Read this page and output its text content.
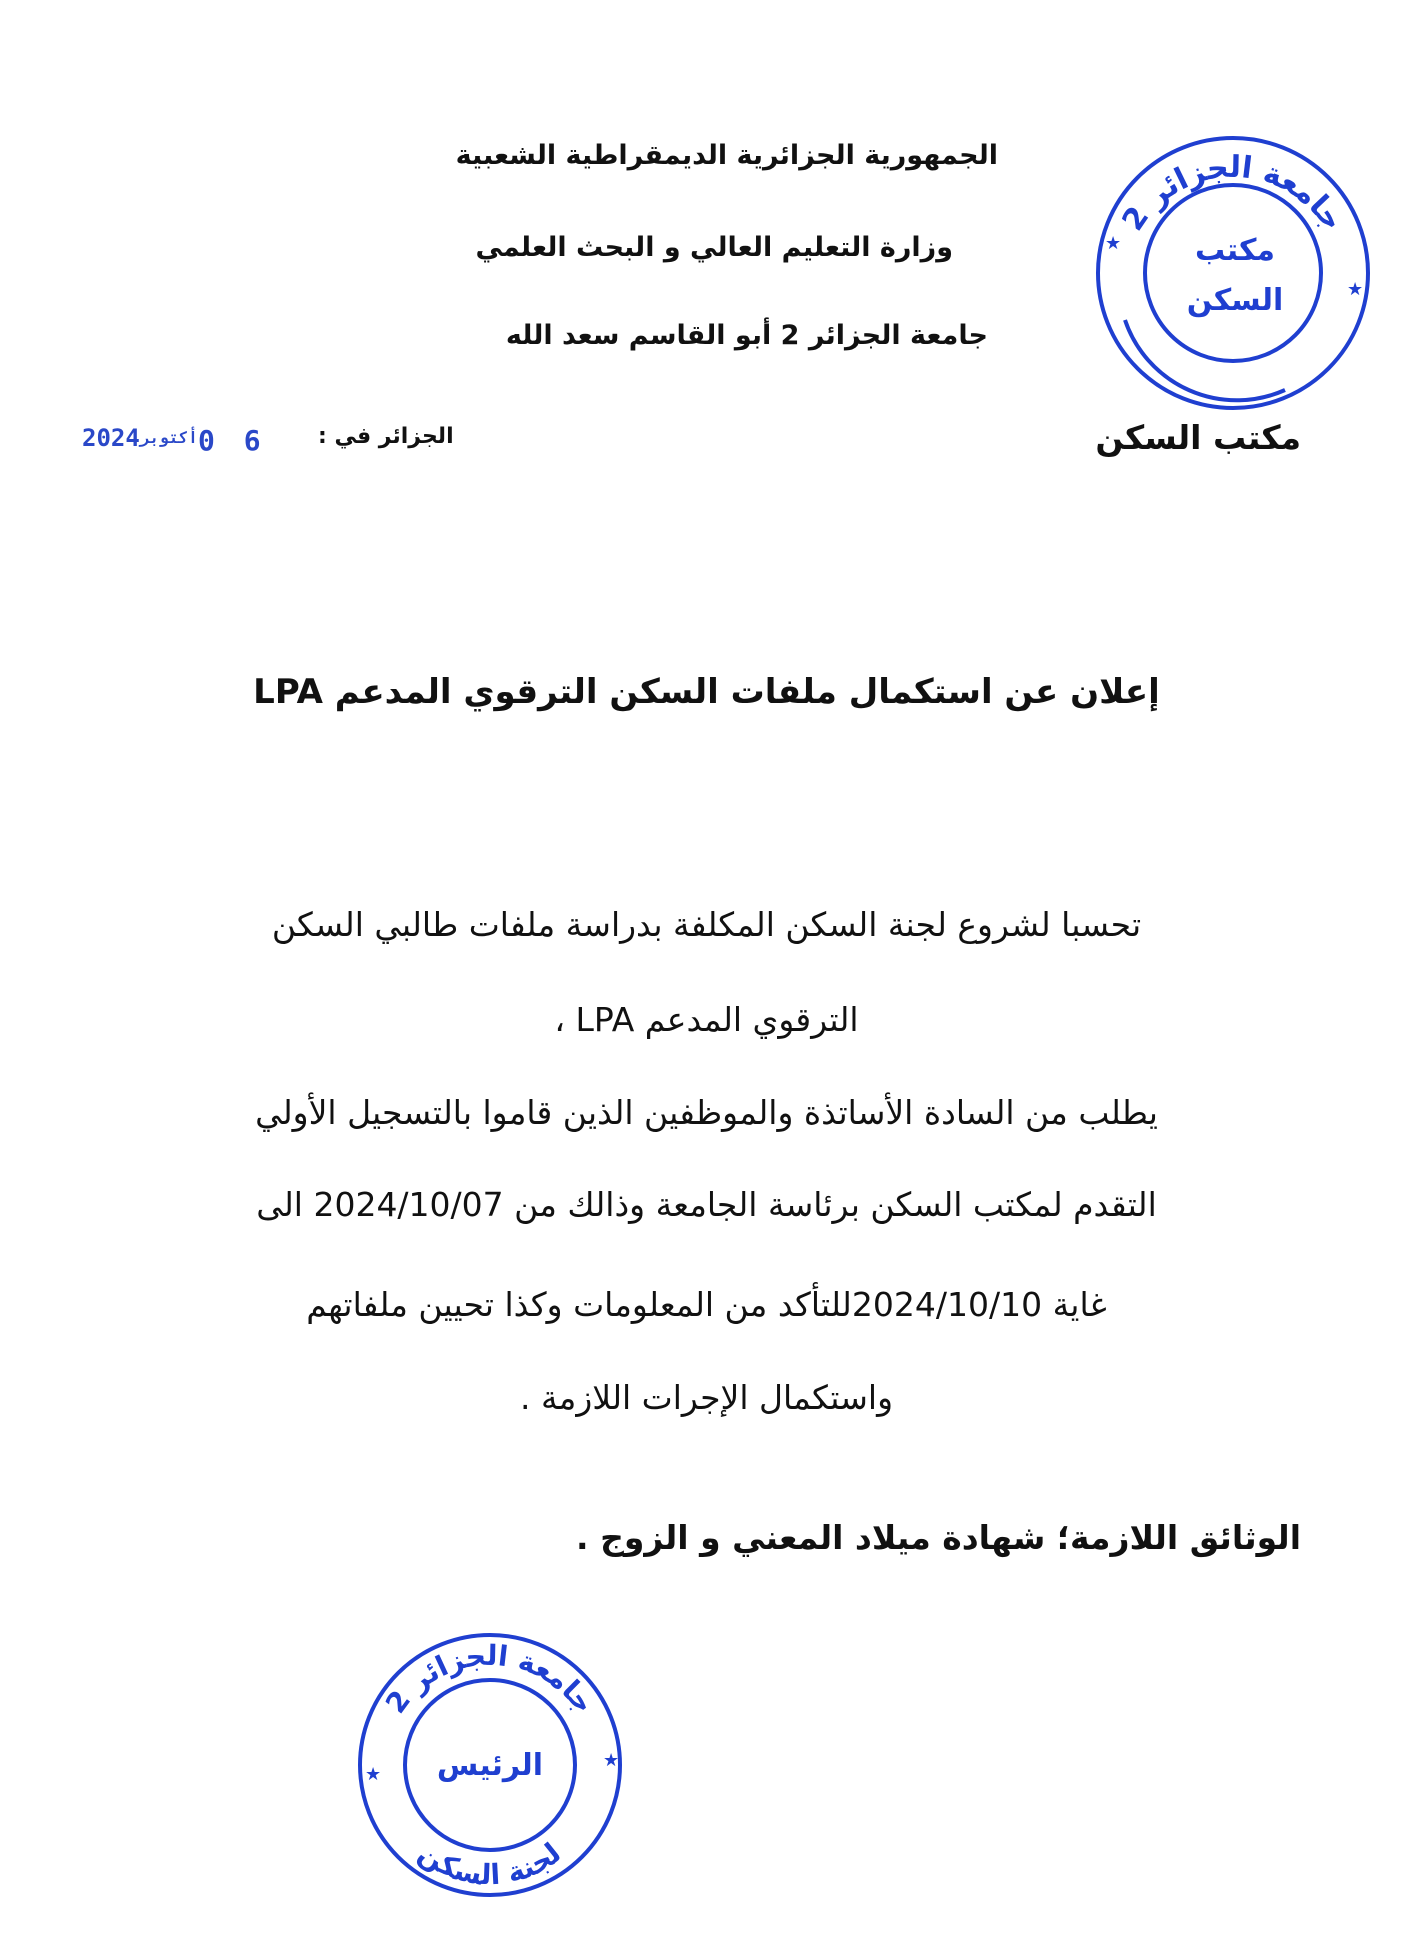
الجمهورية الجزائرية الديمقراطية الشعبية
وزارة التعليم العالي و البحث العلمي
جامعة الجزائر 2 أبو القاسم سعد الله
جامعة الجزائر 2
★
★
مكتب
السكن
مكتب السكن
الجزائر في :
0 6
أكتوبر
2024
إعلان عن استكمال ملفات السكن الترقوي المدعم LPA
تحسبا لشروع لجنة السكن المكلفة بدراسة ملفات طالبي السكن
الترقوي المدعم LPA ،
يطلب من السادة الأساتذة والموظفين الذين قاموا بالتسجيل الأولي
التقدم لمكتب السكن برئاسة الجامعة وذالك من 2024/10/07 الى
غاية 2024/10/10للتأكد من المعلومات وكذا تحيين ملفاتهم
واستكمال الإجرات اللازمة .
الوثائق اللازمة؛ شهادة ميلاد المعني و الزوج .
جامعة الجزائر 2
لجنة السكن
★
★
الرئيس
